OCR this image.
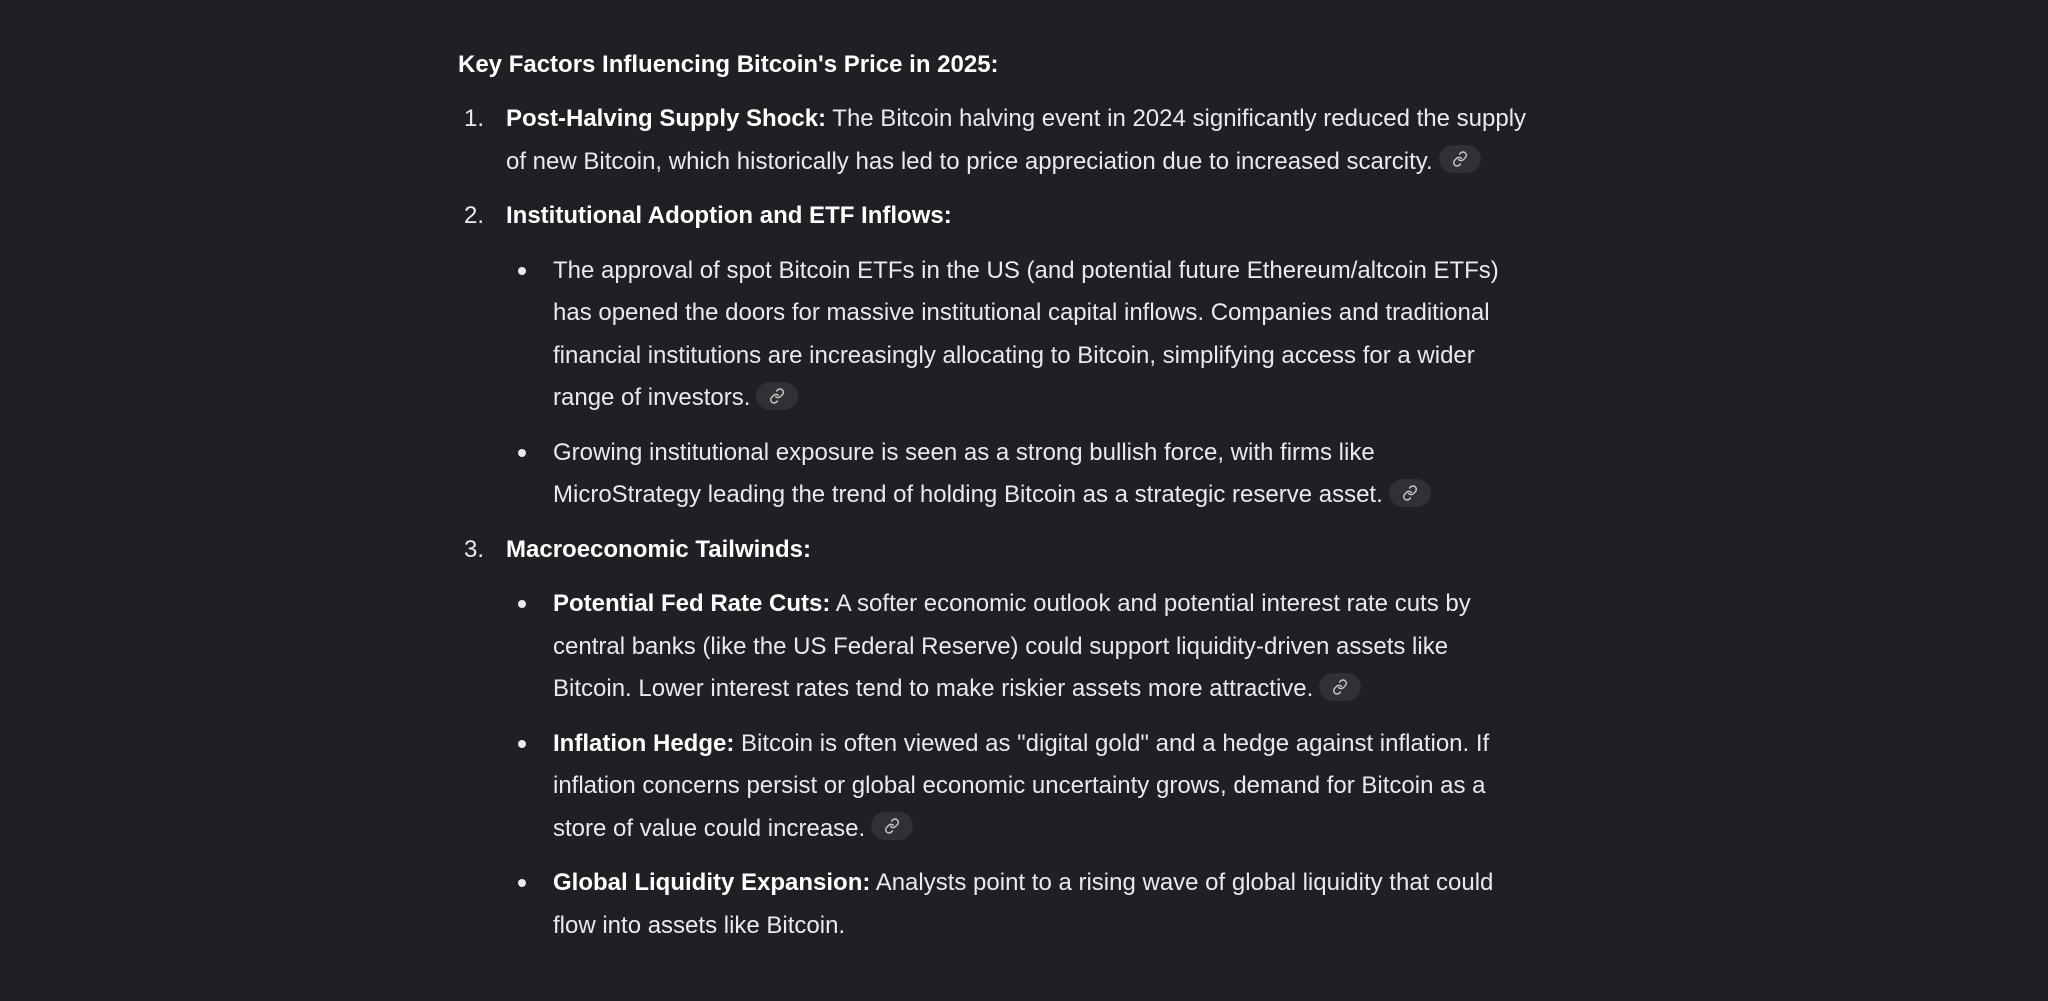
Key Factors Influencing Bitcoin's Price in 2025:
1. Post-Halving Supply Shock: The Bitcoin halving event in 2024 significantly reduced the supply of new Bitcoin, which historically has led to price appreciation due to increased scarcity.
2. Institutional Adoption and ETF Inflows:
The approval of spot Bitcoin ETFs in the US (and potential future Ethereum/altcoin ETFs) has opened the doors for massive institutional capital inflows. Companies and traditional financial institutions are increasingly allocating to Bitcoin, simplifying access for a wider range of investors.
Growing institutional exposure is seen as a strong bullish force, with firms like MicroStrategy leading the trend of holding Bitcoin as a strategic reserve asset.
3. Macroeconomic Tailwinds:
Potential Fed Rate Cuts: A softer economic outlook and potential interest rate cuts by central banks (like the US Federal Reserve) could support liquidity-driven assets like Bitcoin. Lower interest rates tend to make riskier assets more attractive.
Inflation Hedge: Bitcoin is often viewed as "digital gold" and a hedge against inflation. If inflation concerns persist or global economic uncertainty grows, demand for Bitcoin as a store of value could increase.
Global Liquidity Expansion: Analysts point to a rising wave of global liquidity that could flow into assets like Bitcoin.
